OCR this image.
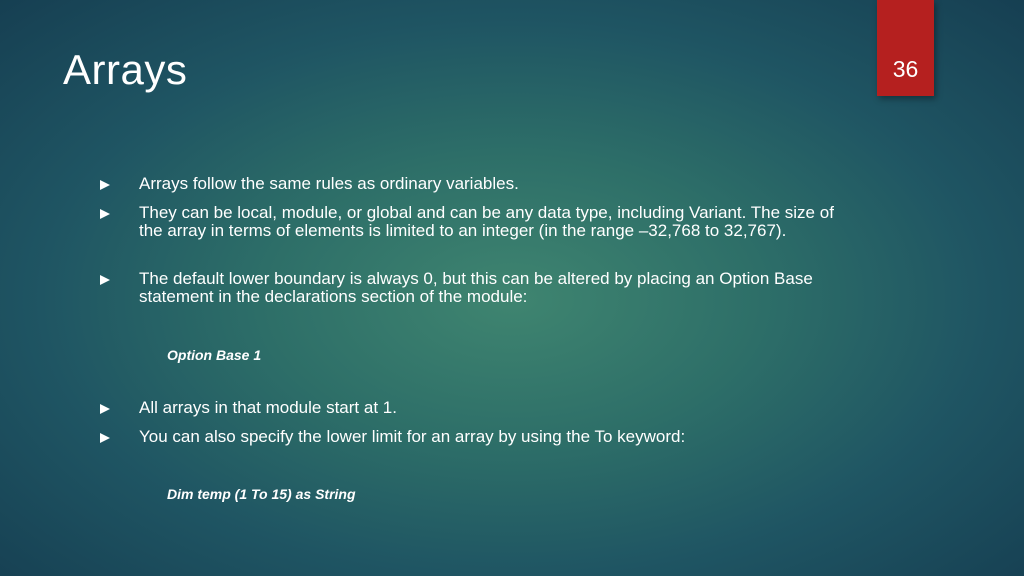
Arrays	36
Arrays follow the same rules as ordinary variables.
They can be local, module, or global and can be any data type, including Variant. The size of the array in terms of elements is limited to an integer (in the range –32,768 to 32,767).
The default lower boundary is always 0, but this can be altered by placing an Option Base statement in the declarations section of the module:
Option Base 1
All arrays in that module start at 1.
You can also specify the lower limit for an array by using the To keyword:
Dim temp (1 To 15) as String
